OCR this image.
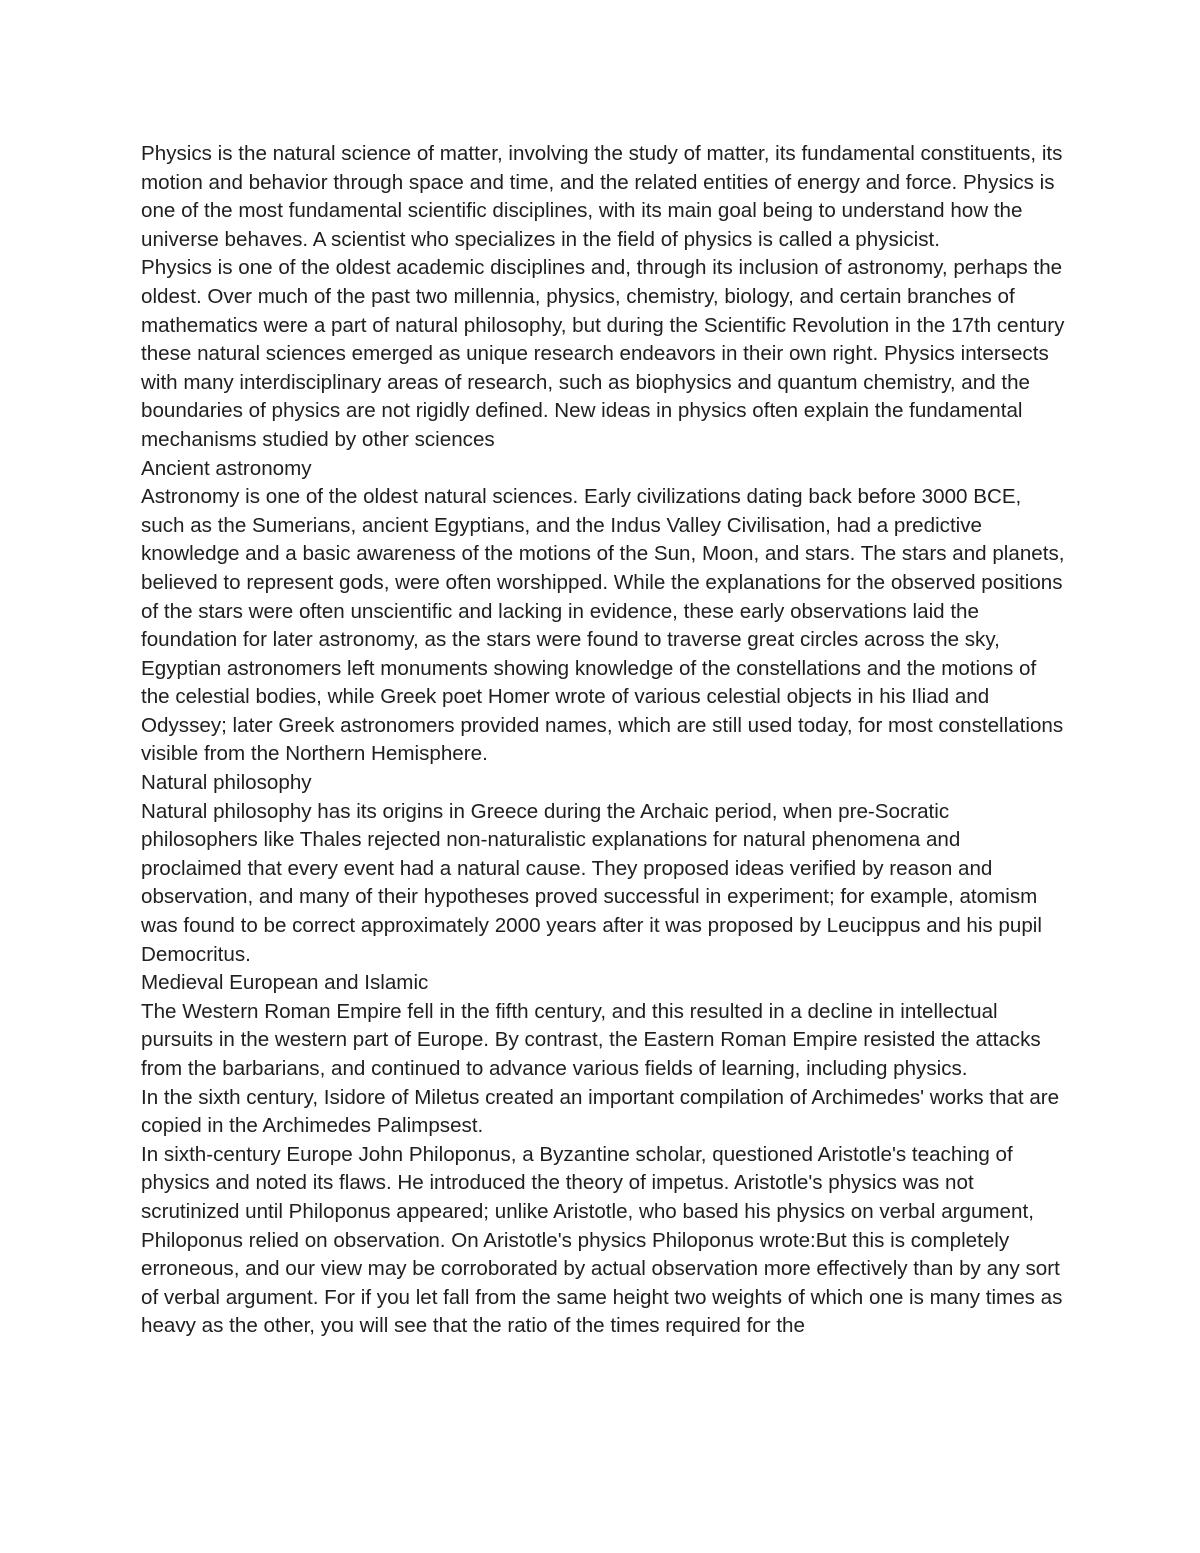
Physics is the natural science of matter, involving the study of matter, its fundamental constituents, its motion and behavior through space and time, and the related entities of energy and force. Physics is one of the most fundamental scientific disciplines, with its main goal being to understand how the universe behaves. A scientist who specializes in the field of physics is called a physicist.

Physics is one of the oldest academic disciplines and, through its inclusion of astronomy, perhaps the oldest. Over much of the past two millennia, physics, chemistry, biology, and certain branches of mathematics were a part of natural philosophy, but during the Scientific Revolution in the 17th century these natural sciences emerged as unique research endeavors in their own right. Physics intersects with many interdisciplinary areas of research, such as biophysics and quantum chemistry, and the boundaries of physics are not rigidly defined. New ideas in physics often explain the fundamental mechanisms studied by other sciences

Ancient astronomy

Astronomy is one of the oldest natural sciences. Early civilizations dating back before 3000 BCE, such as the Sumerians, ancient Egyptians, and the Indus Valley Civilisation, had a predictive knowledge and a basic awareness of the motions of the Sun, Moon, and stars. The stars and planets, believed to represent gods, were often worshipped. While the explanations for the observed positions of the stars were often unscientific and lacking in evidence, these early observations laid the foundation for later astronomy, as the stars were found to traverse great circles across the sky, Egyptian astronomers left monuments showing knowledge of the constellations and the motions of the celestial bodies, while Greek poet Homer wrote of various celestial objects in his Iliad and Odyssey; later Greek astronomers provided names, which are still used today, for most constellations visible from the Northern Hemisphere.

Natural philosophy

Natural philosophy has its origins in Greece during the Archaic period, when pre-Socratic philosophers like Thales rejected non-naturalistic explanations for natural phenomena and proclaimed that every event had a natural cause. They proposed ideas verified by reason and observation, and many of their hypotheses proved successful in experiment; for example, atomism was found to be correct approximately 2000 years after it was proposed by Leucippus and his pupil Democritus.

Medieval European and Islamic

The Western Roman Empire fell in the fifth century, and this resulted in a decline in intellectual pursuits in the western part of Europe. By contrast, the Eastern Roman Empire resisted the attacks from the barbarians, and continued to advance various fields of learning, including physics.

In the sixth century, Isidore of Miletus created an important compilation of Archimedes' works that are copied in the Archimedes Palimpsest.

In sixth-century Europe John Philoponus, a Byzantine scholar, questioned Aristotle's teaching of physics and noted its flaws. He introduced the theory of impetus. Aristotle's physics was not scrutinized until Philoponus appeared; unlike Aristotle, who based his physics on verbal argument, Philoponus relied on observation. On Aristotle's physics Philoponus wrote:But this is completely erroneous, and our view may be corroborated by actual observation more effectively than by any sort of verbal argument. For if you let fall from the same height two weights of which one is many times as heavy as the other, you will see that the ratio of the times required for the
